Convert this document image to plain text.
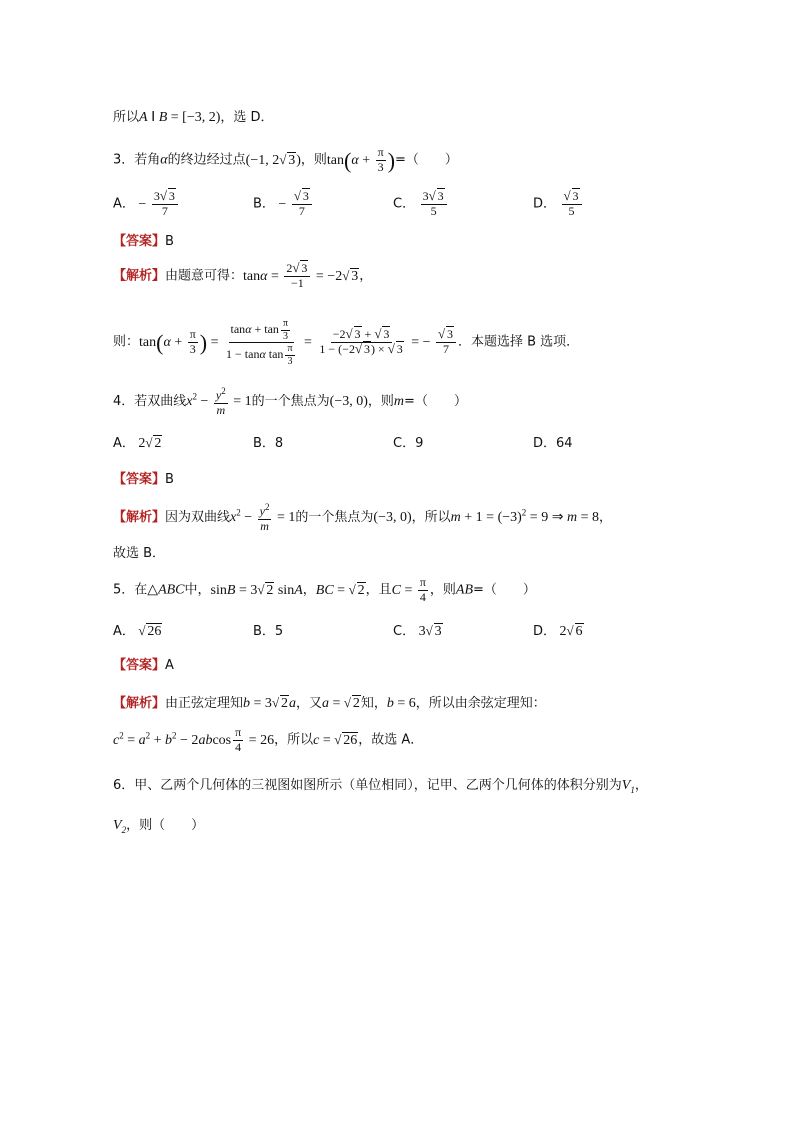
所以A Ⅰ B = [−3, 2)，选 D．
3．若角α的终边经过点(−1, 2√ 3)，则$\tan(\alpha + \frac{\pi}{3}$ )=（　　）
A． − $\frac{3√ 3}{7}$	B． −
√ $\frac{3}{7}$	C． $\frac{3√ 3}{5}$	D．
√ $\frac{3}{5}$
【答案】B
【解析】由题意可得：$\tan\alpha = \frac{2√ 3}{-1} = -2√$ 3，
则：$\tan(\alpha + \frac{\pi}{3}$ ) = $\frac{\tan\alpha + \tan \frac{\pi}{3}}{1 - \tan\alpha \tan \frac{\pi}{3}} = \frac{-2√ 3 + √ 3}{1 - (-2√ 3) \times √ 3}$ = −
√ $\frac{3}{7}$ ．本题选择 B 选项．
4．若双曲线$x^2 - \frac{y^2}{m} = 1$的一个焦点为(−3, 0)，则m=（　　）
A． 2√ 2	B．8	C．9	D．64
【答案】B
【解析】因为双曲线$x^2 - \frac{y^2}{m} = 1$的一个焦点为(−3, 0)，所以$m + 1 = (-3)^2 = 9$ ⇒ m = 8，
故选 B．
5．在△ABC中，sinB = 3√ 2 sinA，BC = √ 2，且$C = \frac{\pi}{4}$ ，则AB=（　　）
A． √ 26	B．5	C． 3√ 3	D． 2√ 6
【答案】A
【解析】由正弦定理知b = 3√ 2a，又a = √ 2知，b = 6，所以由余弦定理知：
$c^2 = a^2 + b^2 - 2abcos \frac{\pi}{4} = 26$，所以c = √ 26，故选 A．
6．甲、乙两个几何体的三视图如图所示（单位相同），记甲、乙两个几何体的体积分别为$V_1$，
$V_2$，则（　　）
